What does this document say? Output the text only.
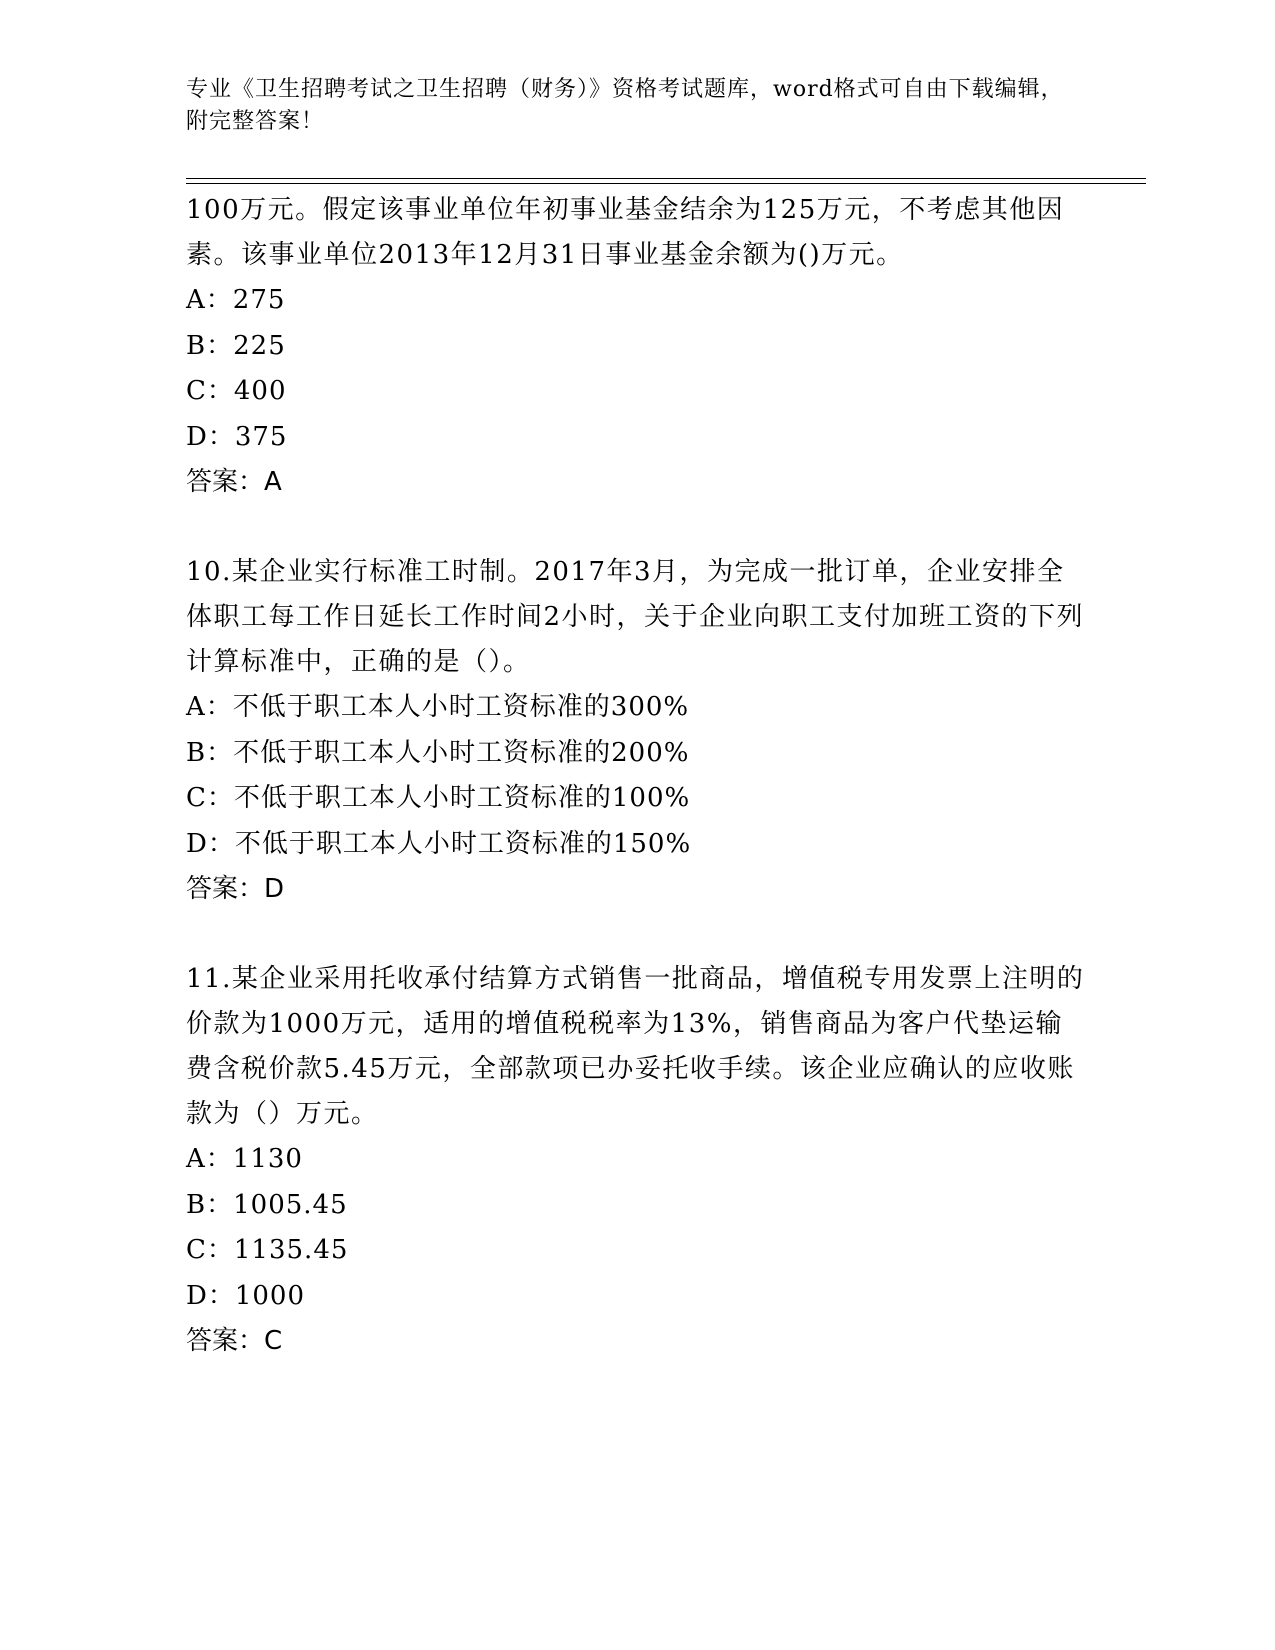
专业《卫生招聘考试之卫生招聘（财务）》资格考试题库，word格式可自由下载编辑，附完整答案！

100万元。假定该事业单位年初事业基金结余为125万元，不考虑其他因素。该事业单位2013年12月31日事业基金余额为()万元。

A：275

B：225

C：400

D：375

答案：A

10.某企业实行标准工时制。2017年3月，为完成一批订单，企业安排全体职工每工作日延长工作时间2小时，关于企业向职工支付加班工资的下列计算标准中，正确的是（）。

A：不低于职工本人小时工资标准的300%

B：不低于职工本人小时工资标准的200%

C：不低于职工本人小时工资标准的100%

D：不低于职工本人小时工资标准的150%

答案：D

11.某企业采用托收承付结算方式销售一批商品，增值税专用发票上注明的价款为1000万元，适用的增值税税率为13%，销售商品为客户代垫运输费含税价款5.45万元，全部款项已办妥托收手续。该企业应确认的应收账款为（）万元。

A：1130

B：1005.45

C：1135.45

D：1000

答案：C
